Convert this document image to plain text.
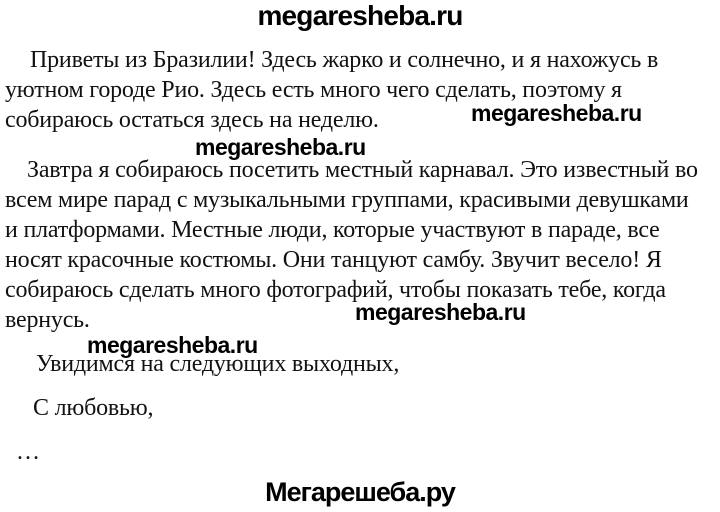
megaresheba.ru
Приветы из Бразилии! Здесь жарко и солнечно, и я нахожусь в
уютном городе Рио. Здесь есть много чего сделать, поэтому я
собираюсь остаться здесь на неделю.	megaresheba.ru
megaresheba.ru
Завтра я собираюсь посетить местный карнавал. Это известный во
всем мире парад с музыкальными группами, красивыми девушками
и платформами. Местные люди, которые участвуют в параде, все
носят красочные костюмы. Они танцуют самбу. Звучит весело! Я
собираюсь сделать много фотографий, чтобы показать тебе, когда
вернусь.	megaresheba.ru
megaresheba.ru
Увидимся на следующих выходных,
С любовью,
…
Мегарешеба.ру
